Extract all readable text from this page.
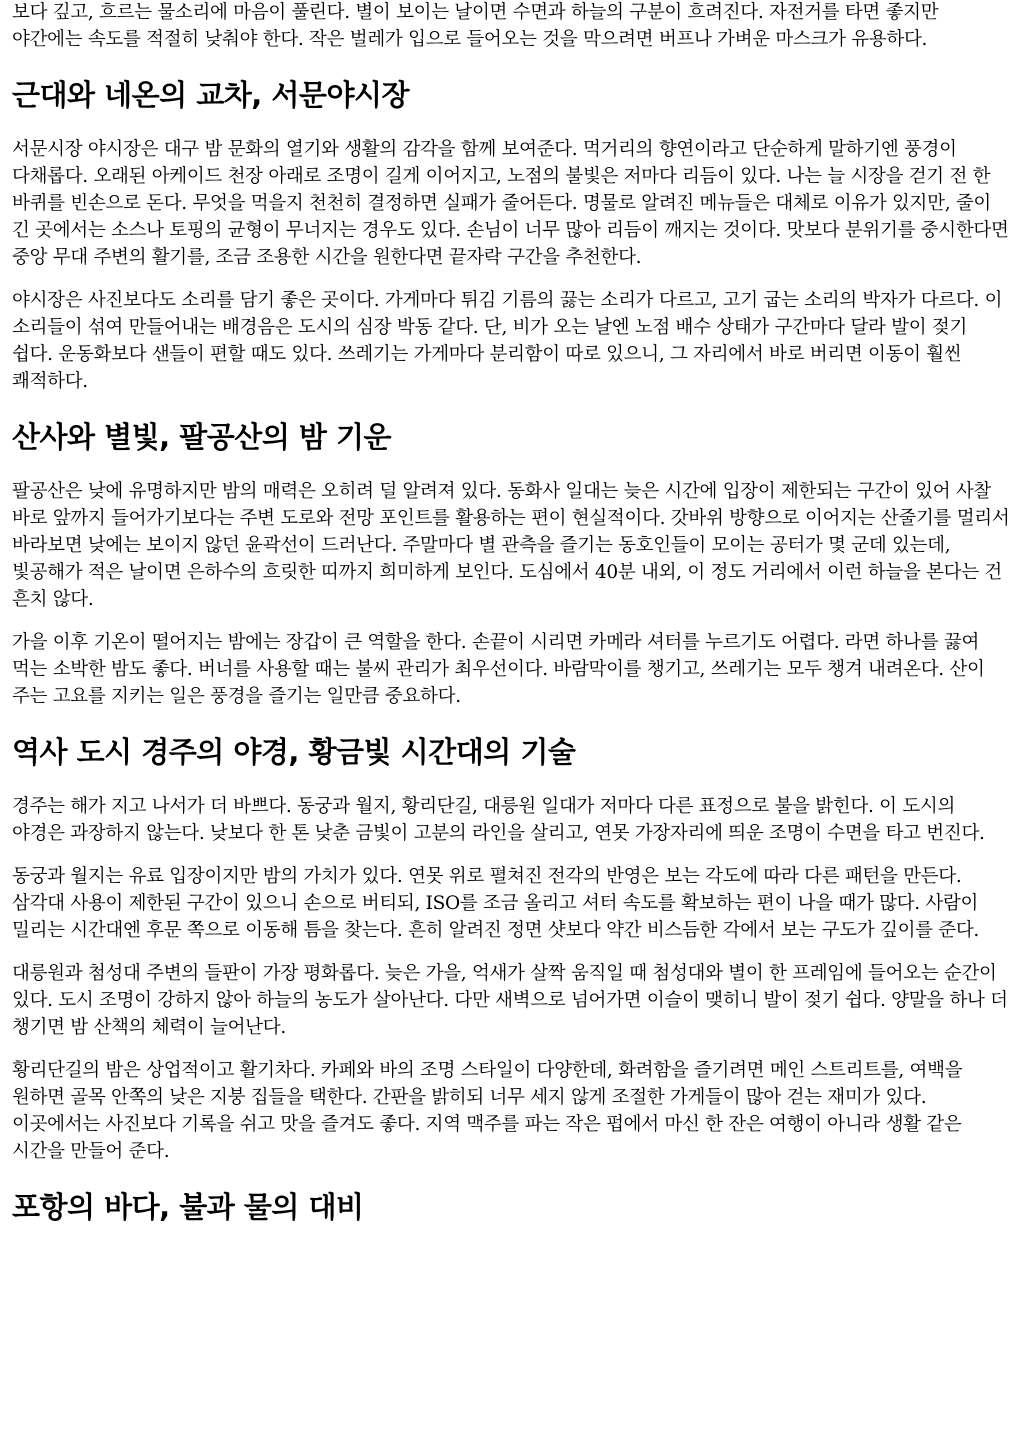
보다 깊고, 흐르는 물소리에 마음이 풀린다. 별이 보이는 날이면 수면과 하늘의 구분이 흐려진다. 자전거를 타면 좋지만 야간에는 속도를 적절히 낮춰야 한다. 작은 벌레가 입으로 들어오는 것을 막으려면 버프나 가벼운 마스크가 유용하다.

근대와 네온의 교차, 서문야시장

서문시장 야시장은 대구 밤 문화의 열기와 생활의 감각을 함께 보여준다. 먹거리의 향연이라고 단순하게 말하기엔 풍경이 다채롭다. 오래된 아케이드 천장 아래로 조명이 길게 이어지고, 노점의 불빛은 저마다 리듬이 있다. 나는 늘 시장을 걷기 전 한 바퀴를 빈손으로 돈다. 무엇을 먹을지 천천히 결정하면 실패가 줄어든다. 명물로 알려진 메뉴들은 대체로 이유가 있지만, 줄이 긴 곳에서는 소스나 토핑의 균형이 무너지는 경우도 있다. 손님이 너무 많아 리듬이 깨지는 것이다. 맛보다 분위기를 중시한다면 중앙 무대 주변의 활기를, 조금 조용한 시간을 원한다면 끝자락 구간을 추천한다.

야시장은 사진보다도 소리를 담기 좋은 곳이다. 가게마다 튀김 기름의 끓는 소리가 다르고, 고기 굽는 소리의 박자가 다르다. 이 소리들이 섞여 만들어내는 배경음은 도시의 심장 박동 같다. 단, 비가 오는 날엔 노점 배수 상태가 구간마다 달라 발이 젖기 쉽다. 운동화보다 샌들이 편할 때도 있다. 쓰레기는 가게마다 분리함이 따로 있으니, 그 자리에서 바로 버리면 이동이 훨씬 쾌적하다.

산사와 별빛, 팔공산의 밤 기운

팔공산은 낮에 유명하지만 밤의 매력은 오히려 덜 알려져 있다. 동화사 일대는 늦은 시간에 입장이 제한되는 구간이 있어 사찰 바로 앞까지 들어가기보다는 주변 도로와 전망 포인트를 활용하는 편이 현실적이다. 갓바위 방향으로 이어지는 산줄기를 멀리서 바라보면 낮에는 보이지 않던 윤곽선이 드러난다. 주말마다 별 관측을 즐기는 동호인들이 모이는 공터가 몇 군데 있는데, 빛공해가 적은 날이면 은하수의 흐릿한 띠까지 희미하게 보인다. 도심에서 40분 내외, 이 정도 거리에서 이런 하늘을 본다는 건 흔치 않다.

가을 이후 기온이 떨어지는 밤에는 장갑이 큰 역할을 한다. 손끝이 시리면 카메라 셔터를 누르기도 어렵다. 라면 하나를 끓여 먹는 소박한 밤도 좋다. 버너를 사용할 때는 불씨 관리가 최우선이다. 바람막이를 챙기고, 쓰레기는 모두 챙겨 내려온다. 산이 주는 고요를 지키는 일은 풍경을 즐기는 일만큼 중요하다.

역사 도시 경주의 야경, 황금빛 시간대의 기술

경주는 해가 지고 나서가 더 바쁘다. 동궁과 월지, 황리단길, 대릉원 일대가 저마다 다른 표정으로 불을 밝힌다. 이 도시의 야경은 과장하지 않는다. 낮보다 한 톤 낮춘 금빛이 고분의 라인을 살리고, 연못 가장자리에 띄운 조명이 수면을 타고 번진다.

동궁과 월지는 유료 입장이지만 밤의 가치가 있다. 연못 위로 펼쳐진 전각의 반영은 보는 각도에 따라 다른 패턴을 만든다. 삼각대 사용이 제한된 구간이 있으니 손으로 버티되, ISO를 조금 올리고 셔터 속도를 확보하는 편이 나을 때가 많다. 사람이 밀리는 시간대엔 후문 쪽으로 이동해 틈을 찾는다. 흔히 알려진 정면 샷보다 약간 비스듬한 각에서 보는 구도가 깊이를 준다.

대릉원과 첨성대 주변의 들판이 가장 평화롭다. 늦은 가을, 억새가 살짝 움직일 때 첨성대와 별이 한 프레임에 들어오는 순간이 있다. 도시 조명이 강하지 않아 하늘의 농도가 살아난다. 다만 새벽으로 넘어가면 이슬이 맺히니 발이 젖기 쉽다. 양말을 하나 더 챙기면 밤 산책의 체력이 늘어난다.

황리단길의 밤은 상업적이고 활기차다. 카페와 바의 조명 스타일이 다양한데, 화려함을 즐기려면 메인 스트리트를, 여백을 원하면 골목 안쪽의 낮은 지붕 집들을 택한다. 간판을 밝히되 너무 세지 않게 조절한 가게들이 많아 걷는 재미가 있다. 이곳에서는 사진보다 기록을 쉬고 맛을 즐겨도 좋다. 지역 맥주를 파는 작은 펍에서 마신 한 잔은 여행이 아니라 생활 같은 시간을 만들어 준다.

포항의 바다, 불과 물의 대비
